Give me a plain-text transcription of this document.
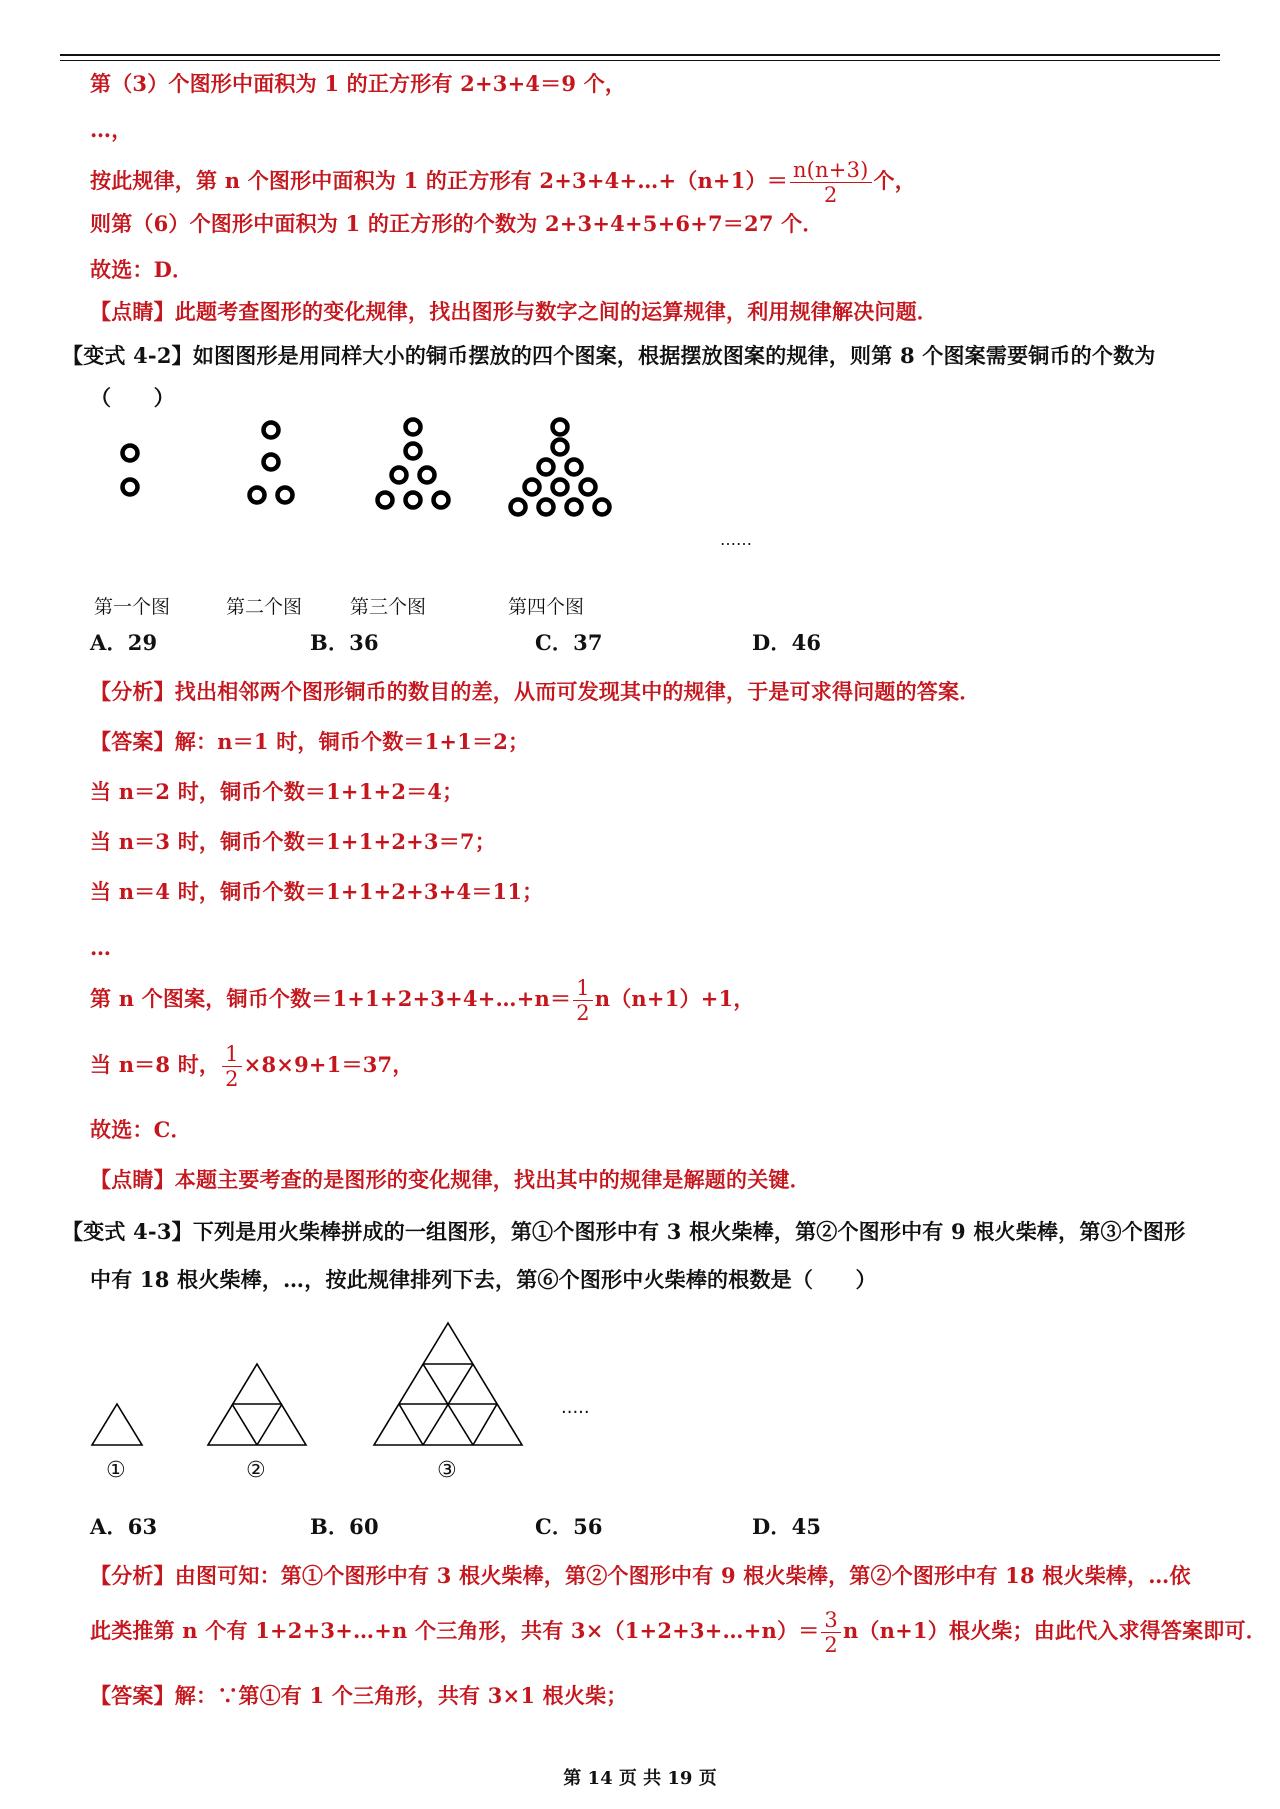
第（3）个图形中面积为 1 的正方形有 2+3+4＝9 个，
…，
按此规律，第 n 个图形中面积为 1 的正方形有 2+3+4+…+（n+1）＝ $\frac{n(n+3)}{2}$ 个，
则第（6）个图形中面积为 1 的正方形的个数为 2+3+4+5+6+7＝27 个．
故选：D．
【点睛】此题考查图形的变化规律，找出图形与数字之间的运算规律，利用规律解决问题．
【变式 4-2】如图图形是用同样大小的铜币摆放的四个图案，根据摆放图案的规律，则第 8 个图案需要铜币的个数为
（　　）
……
第一个图	第二个图	第三个图	第四个图
A．29	B．36	C．37	D．46
【分析】找出相邻两个图形铜币的数目的差，从而可发现其中的规律，于是可求得问题的答案．
【答案】解：n＝1 时，铜币个数＝1+1＝2；
当 n＝2 时，铜币个数＝1+1+2＝4；
当 n＝3 时，铜币个数＝1+1+2+3＝7；
当 n＝4 时，铜币个数＝1+1+2+3+4＝11；
…
第 n 个图案，铜币个数＝1+1+2+3+4+…+n＝ $\frac{1}{2} n(n+1)+1$，
当 n＝8 时， $\frac{1}{2} \times 8\times 9+1=37$，
故选：C．
【点睛】本题主要考查的是图形的变化规律，找出其中的规律是解题的关键．
【变式 4-3】下列是用火柴棒拼成的一组图形，第①个图形中有 3 根火柴棒，第②个图形中有 9 根火柴棒，第③个图形
中有 18 根火柴棒，…，按此规律排列下去，第⑥个图形中火柴棒的根数是（　　）
·····
①	②	③
A．63	B．60	C．56	D．45
【分析】由图可知：第①个图形中有 3 根火柴棒，第②个图形中有 9 根火柴棒，第②个图形中有 18 根火柴棒，…依
此类推第 n 个有 1+2+3+…+n 个三角形，共有 3×（1+2+3+…+n）＝ $\frac{3}{2} n(n+1)$根火柴；由此代入求得答案即可．
【答案】解：∵第①有 1 个三角形，共有 3×1 根火柴；
第 14 页 共 19 页
